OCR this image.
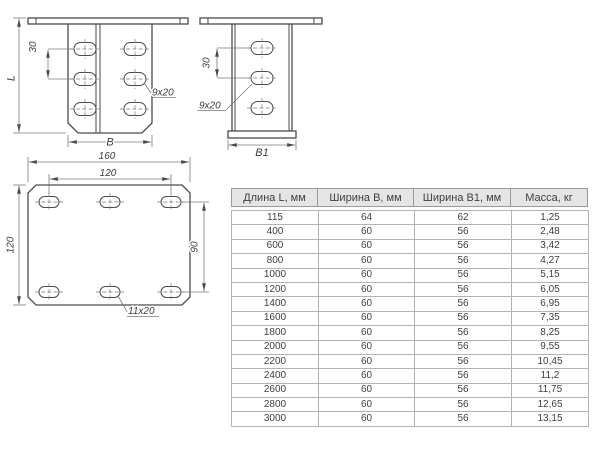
L
30
B
9x20
30
9x20
B1
160
120
120	90
11x20
Длина L, мм	Ширина B, мм	Ширина B1, мм	Масса, кг
115	64	62	1,25
400	60	56	2,48
600	60	56	3,42
800	60	56	4,27
1000	60	56	5,15
1200	60	56	6,05
1400	60	56	6,95
1600	60	56	7,35
1800	60	56	8,25
2000	60	56	9,55
2200	60	56	10,45
2400	60	56	11,2
2600	60	56	11,75
2800	60	56	12,65
3000	60	56	13,15
